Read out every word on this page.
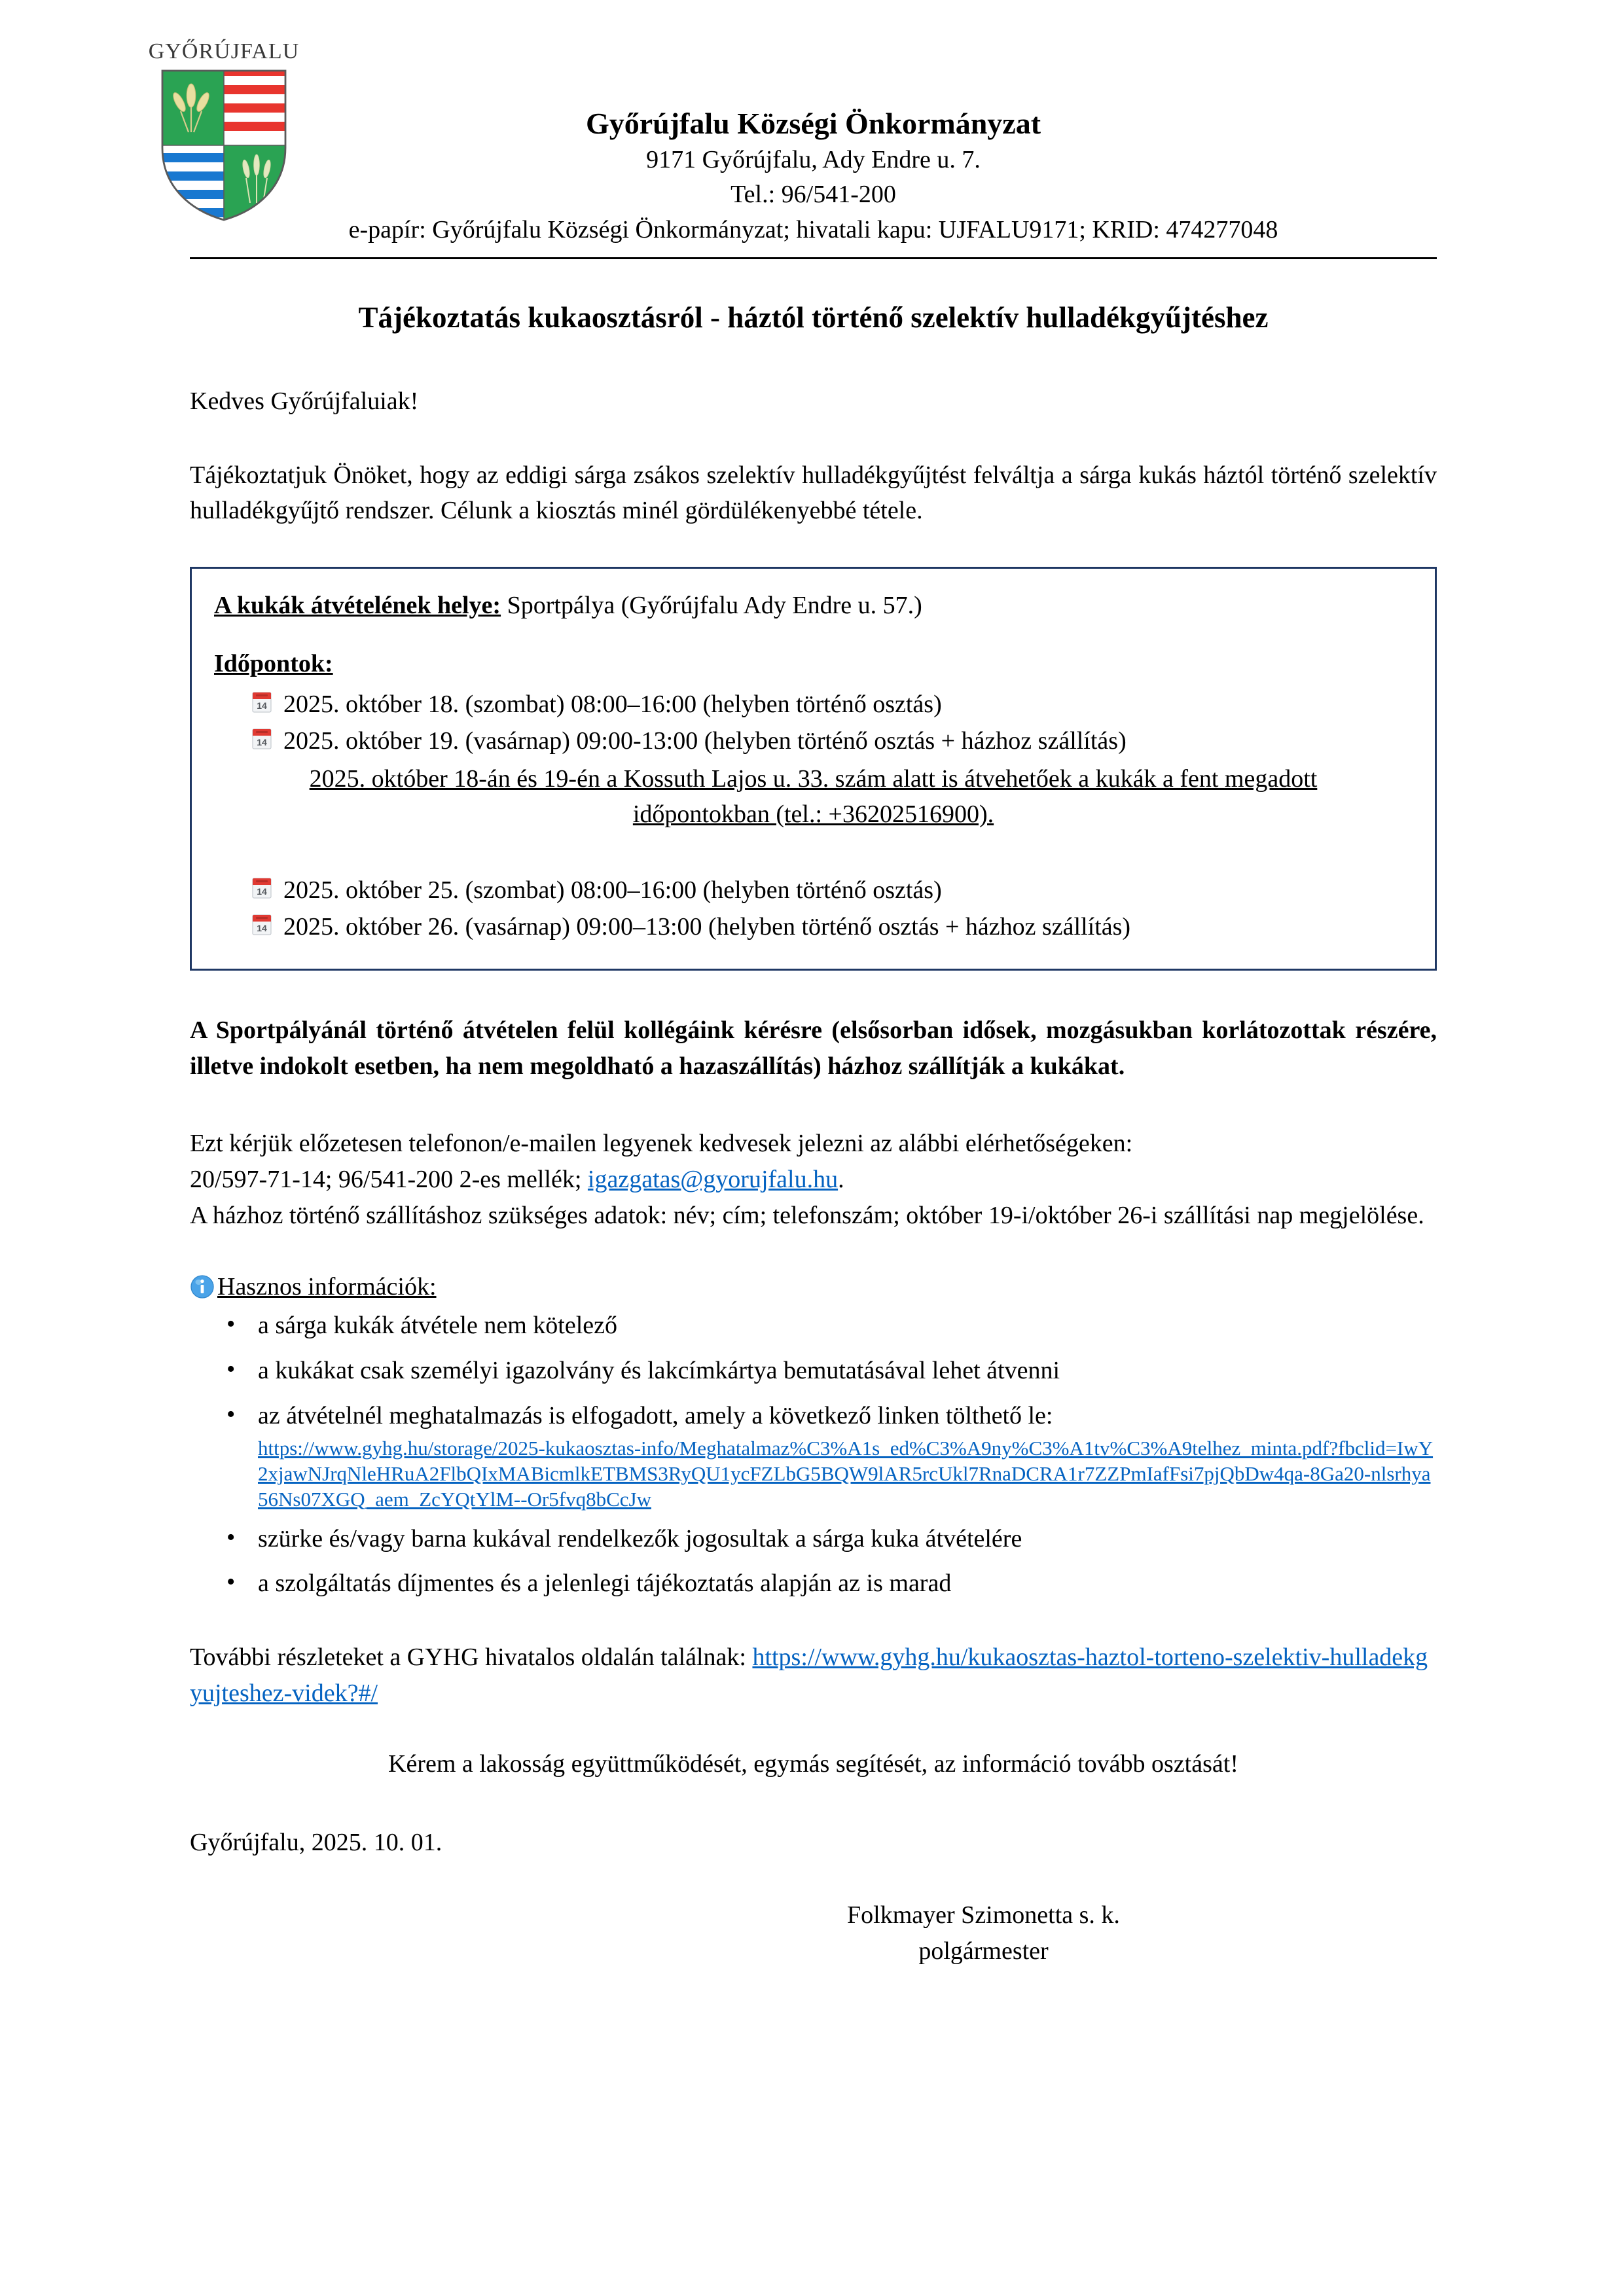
GYŐRÚJFALU
Győrújfalu Községi Önkormányzat
9171 Győrújfalu, Ady Endre u. 7.
Tel.: 96/541-200
e-papír: Győrújfalu Községi Önkormányzat; hivatali kapu: UJFALU9171; KRID: 474277048
Tájékoztatás kukaosztásról - háztól történő szelektív hulladékgyűjtéshez
Kedves Győrújfaluiak!
Tájékoztatjuk Önöket, hogy az eddigi sárga zsákos szelektív hulladékgyűjtést felváltja a sárga kukás háztól történő szelektív hulladékgyűjtő rendszer. Célunk a kiosztás minél gördülékenyebbé tétele.
A kukák átvételének helye: Sportpálya (Győrújfalu Ady Endre u. 57.)
Időpontok:
14 2025. október 18. (szombat) 08:00–16:00 (helyben történő osztás)
14 2025. október 19. (vasárnap) 09:00-13:00 (helyben történő osztás + házhoz szállítás)
2025. október 18-án és 19-én a Kossuth Lajos u. 33. szám alatt is átvehetőek a kukák a fent megadott időpontokban (tel.: +36202516900).
14 2025. október 25. (szombat) 08:00–16:00 (helyben történő osztás)
14 2025. október 26. (vasárnap) 09:00–13:00 (helyben történő osztás + házhoz szállítás)
A Sportpályánál történő átvételen felül kollégáink kérésre (elsősorban idősek, mozgásukban korlátozottak részére, illetve indokolt esetben, ha nem megoldható a hazaszállítás) házhoz szállítják a kukákat.
Ezt kérjük előzetesen telefonon/e-mailen legyenek kedvesek jelezni az alábbi elérhetőségeken:
20/597-71-14; 96/541-200 2-es mellék; igazgatas@gyorujfalu.hu.
A házhoz történő szállításhoz szükséges adatok: név; cím; telefonszám; október 19-i/október 26-i szállítási nap megjelölése.
Hasznos információk:
• a sárga kukák átvétele nem kötelező
• a kukákat csak személyi igazolvány és lakcímkártya bemutatásával lehet átvenni
• az átvételnél meghatalmazás is elfogadott, amely a következő linken tölthető le:
https://www.gyhg.hu/storage/2025-kukaosztas-info/Meghatalmaz%C3%A1s_ed%C3%A9ny%C3%A1tv%C3%A9telhez_minta.pdf?fbclid=IwY2xjawNJrqNleHRuA2FlbQIxMABicmlkETBMS3RyQU1ycFZLbG5BQW9lAR5rcUkl7RnaDCRA1r7ZZPmIafFsi7pjQbDw4qa-8Ga20-nlsrhya56Ns07XGQ_aem_ZcYQtYlM--Or5fvq8bCcJw
• szürke és/vagy barna kukával rendelkezők jogosultak a sárga kuka átvételére
• a szolgáltatás díjmentes és a jelenlegi tájékoztatás alapján az is marad
További részleteket a GYHG hivatalos oldalán találnak: https://www.gyhg.hu/kukaosztas-haztol-torteno-szelektiv-hulladekgyujteshez-videk?#/
Kérem a lakosság együttműködését, egymás segítését, az információ tovább osztását!
Győrújfalu, 2025. 10. 01.
Folkmayer Szimonetta s. k.
polgármester
